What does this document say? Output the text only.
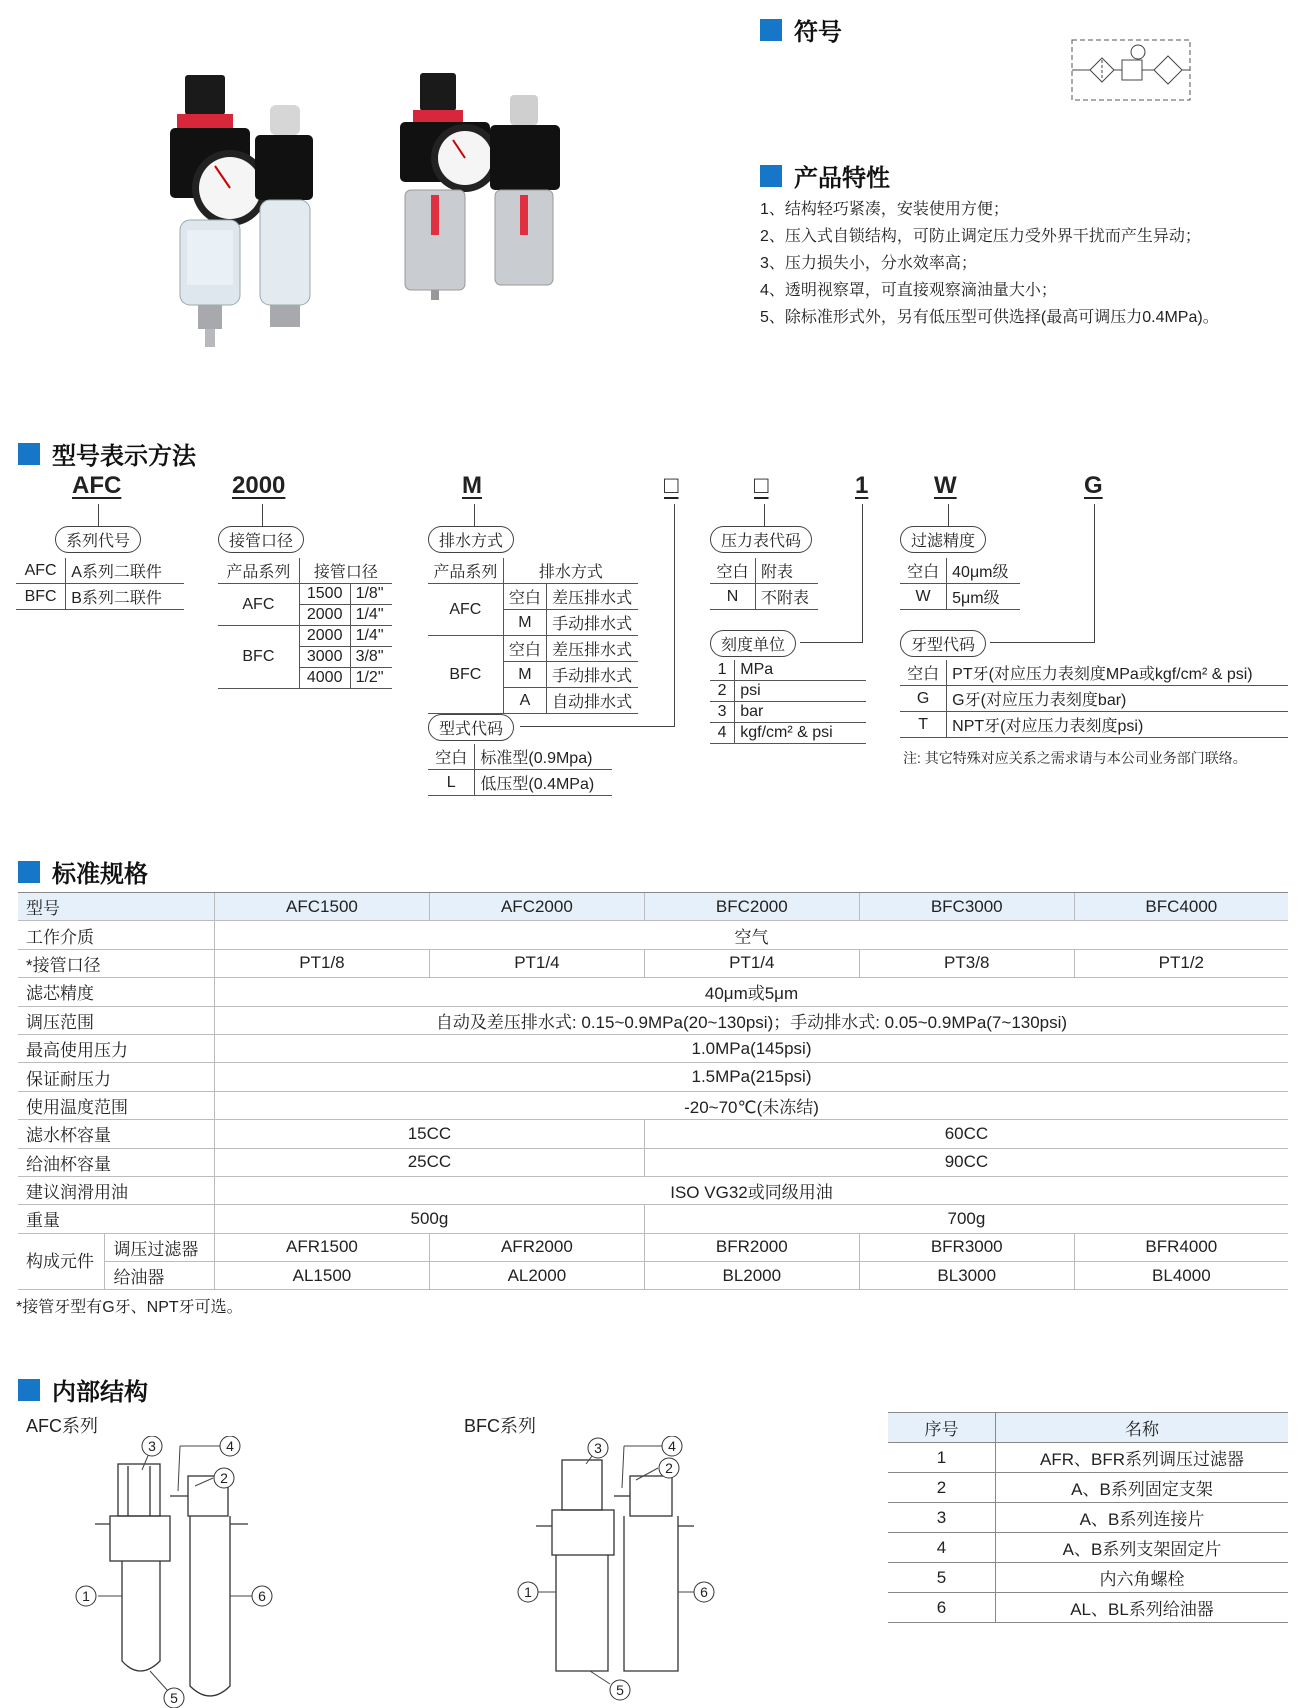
符号
产品特性
1、结构轻巧紧凑，安装使用方便；
2、压入式自锁结构，可防止调定压力受外界干扰而产生异动；
3、压力损失小，分水效率高；
4、透明视察罩，可直接观察滴油量大小；
5、除标准形式外，另有低压型可供选择(最高可调压力0.4MPa)。
型号表示方法
AFC	2000	M	□	□	1	W	G
系列代号
AFC	A系列二联件
BFC	B系列二联件
接管口径
产品系列	接管口径	
AFC	1500	1/8"
	2000	1/4"
BFC	2000	1/4"
	3000	3/8"
	4000	1/2"
排水方式
产品系列	排水方式	
AFC	空白	差压排水式
	M	手动排水式
BFC	空白	差压排水式
	M	手动排水式
	A	自动排水式
型式代码
空白	标准型(0.9Mpa)
L	低压型(0.4MPa)
压力表代码
空白	附表
N	不附表
刻度单位
1	MPa
2	psi
3	bar
4	kgf/cm² & psi
过滤精度
空白	40μm级
W	5μm级
牙型代码
空白	PT牙(对应压力表刻度MPa或kgf/cm² & psi)
G	G牙(对应压力表刻度bar)
T	NPT牙(对应压力表刻度psi)
注: 其它特殊对应关系之需求请与本公司业务部门联络。
标准规格
型号		AFC1500	AFC2000	BFC2000	BFC3000	BFC4000
工作介质		空气				
*接管口径		PT1/8	PT1/4	PT1/4	PT3/8	PT1/2
滤芯精度		40μm或5μm				
调压范围		自动及差压排水式: 0.15~0.9MPa(20~130psi)；手动排水式: 0.05~0.9MPa(7~130psi)				
最高使用压力		1.0MPa(145psi)				
保证耐压力		1.5MPa(215psi)				
使用温度范围		-20~70℃(未冻结)				
滤水杯容量		15CC		60CC		
给油杯容量		25CC		90CC		
建议润滑用油		ISO VG32或同级用油				
重量		500g		700g		
构成元件	调压过滤器	AFR1500	AFR2000	BFR2000	BFR3000	BFR4000
	给油器	AL1500	AL2000	BL2000	BL3000	BL4000
*接管牙型有G牙、NPT牙可选。
内部结构
AFC系列	BFC系列
1
2
3	4
5
6	1
2
3	4
5
6
序号	名称
1	AFR、BFR系列调压过滤器
2	A、B系列固定支架
3	A、B系列连接片
4	A、B系列支架固定片
5	内六角螺栓
6	AL、BL系列给油器
